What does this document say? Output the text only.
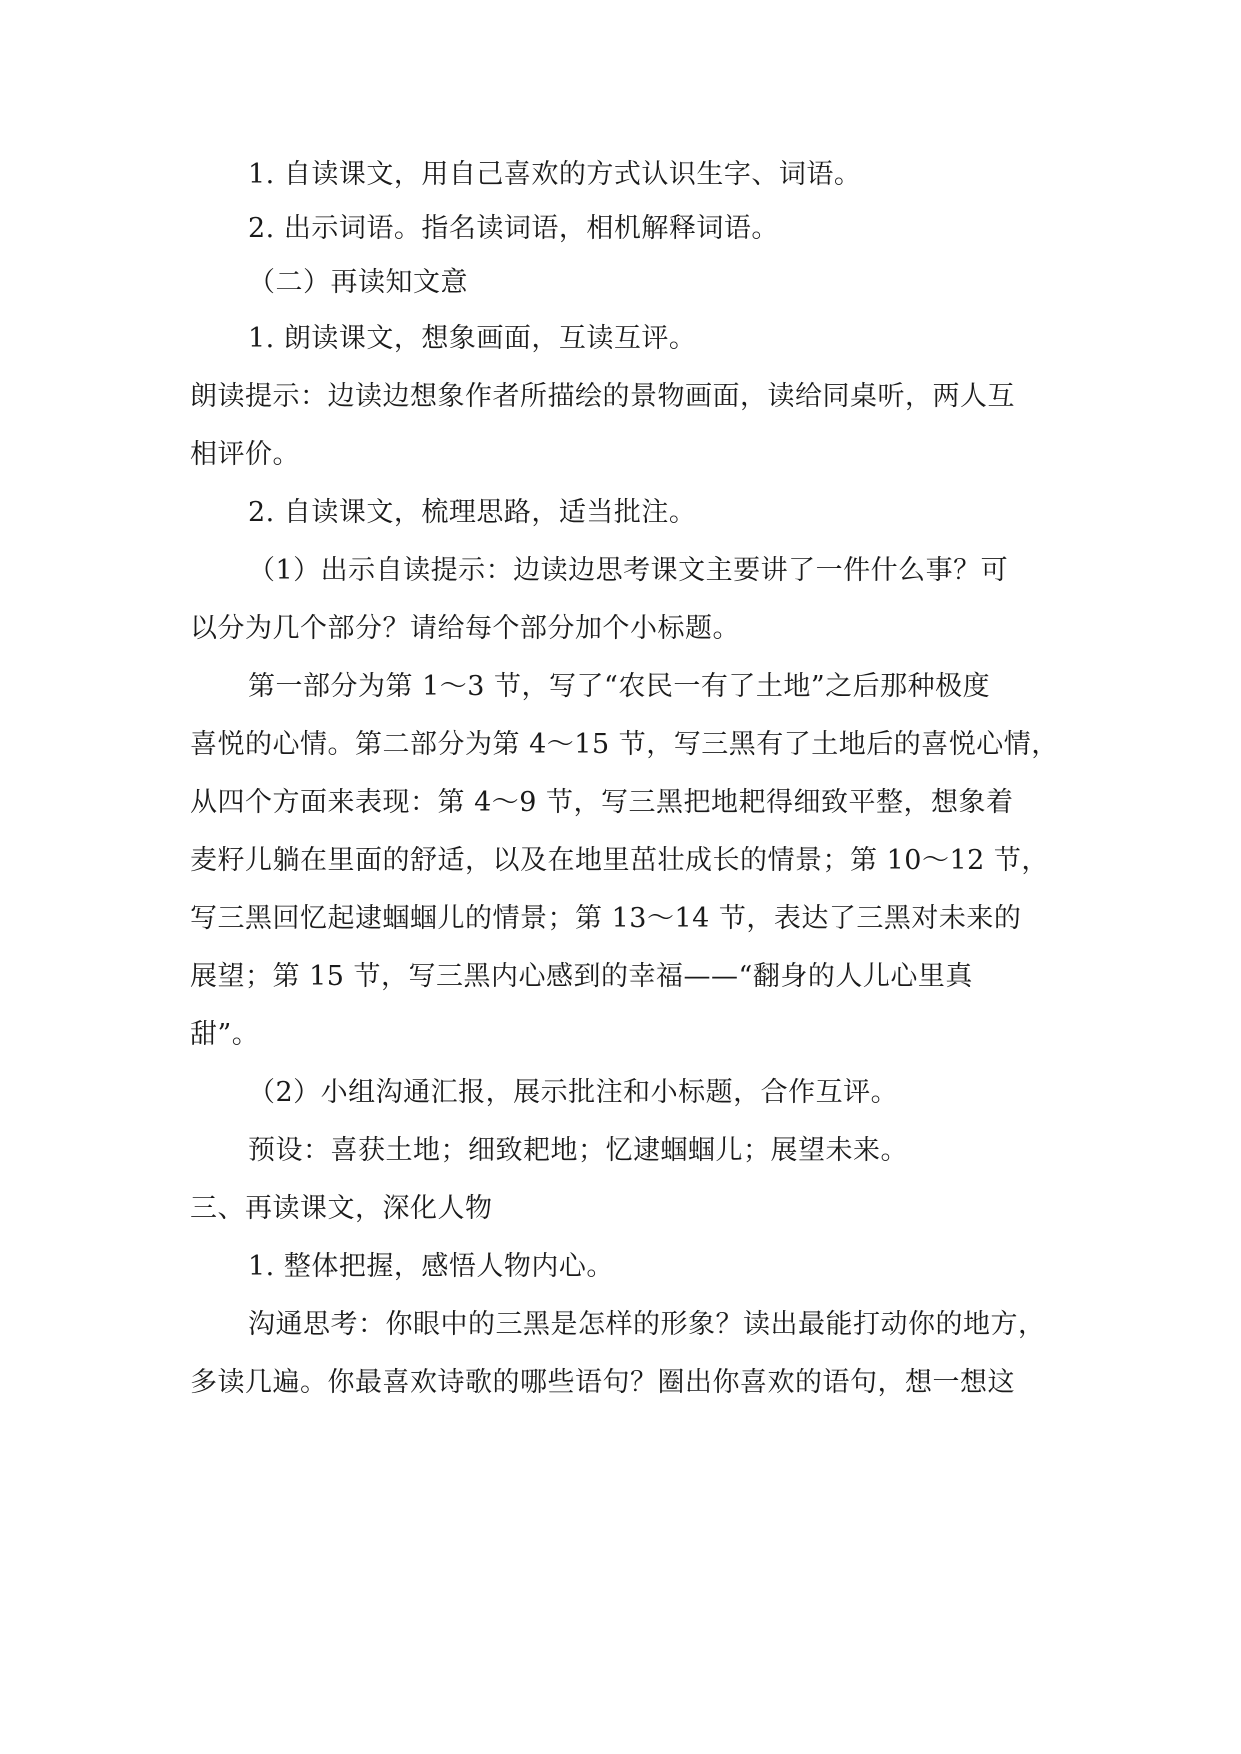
1. 自读课文，用自己喜欢的方式认识生字、词语。
2. 出示词语。指名读词语，相机解释词语。
（二）再读知文意
1. 朗读课文，想象画面，互读互评。
朗读提示：边读边想象作者所描绘的景物画面，读给同桌听，两人互
相评价。
2. 自读课文，梳理思路，适当批注。
（1）出示自读提示：边读边思考课文主要讲了一件什么事？可
以分为几个部分？请给每个部分加个小标题。
第一部分为第 1～3 节，写了“农民一有了土地”之后那种极度
喜悦的心情。第二部分为第 4～15 节，写三黑有了土地后的喜悦心情，
从四个方面来表现：第 4～9 节，写三黑把地耙得细致平整，想象着
麦籽儿躺在里面的舒适，以及在地里茁壮成长的情景；第 10～12 节，
写三黑回忆起逮蝈蝈儿的情景；第 13～14 节，表达了三黑对未来的
展望；第 15 节，写三黑内心感到的幸福——“翻身的人儿心里真
甜”。
（2）小组沟通汇报，展示批注和小标题，合作互评。
预设：喜获土地；细致耙地；忆逮蝈蝈儿；展望未来。
三、再读课文，深化人物
1. 整体把握，感悟人物内心。
沟通思考：你眼中的三黑是怎样的形象？读出最能打动你的地方，
多读几遍。你最喜欢诗歌的哪些语句？圈出你喜欢的语句，想一想这
